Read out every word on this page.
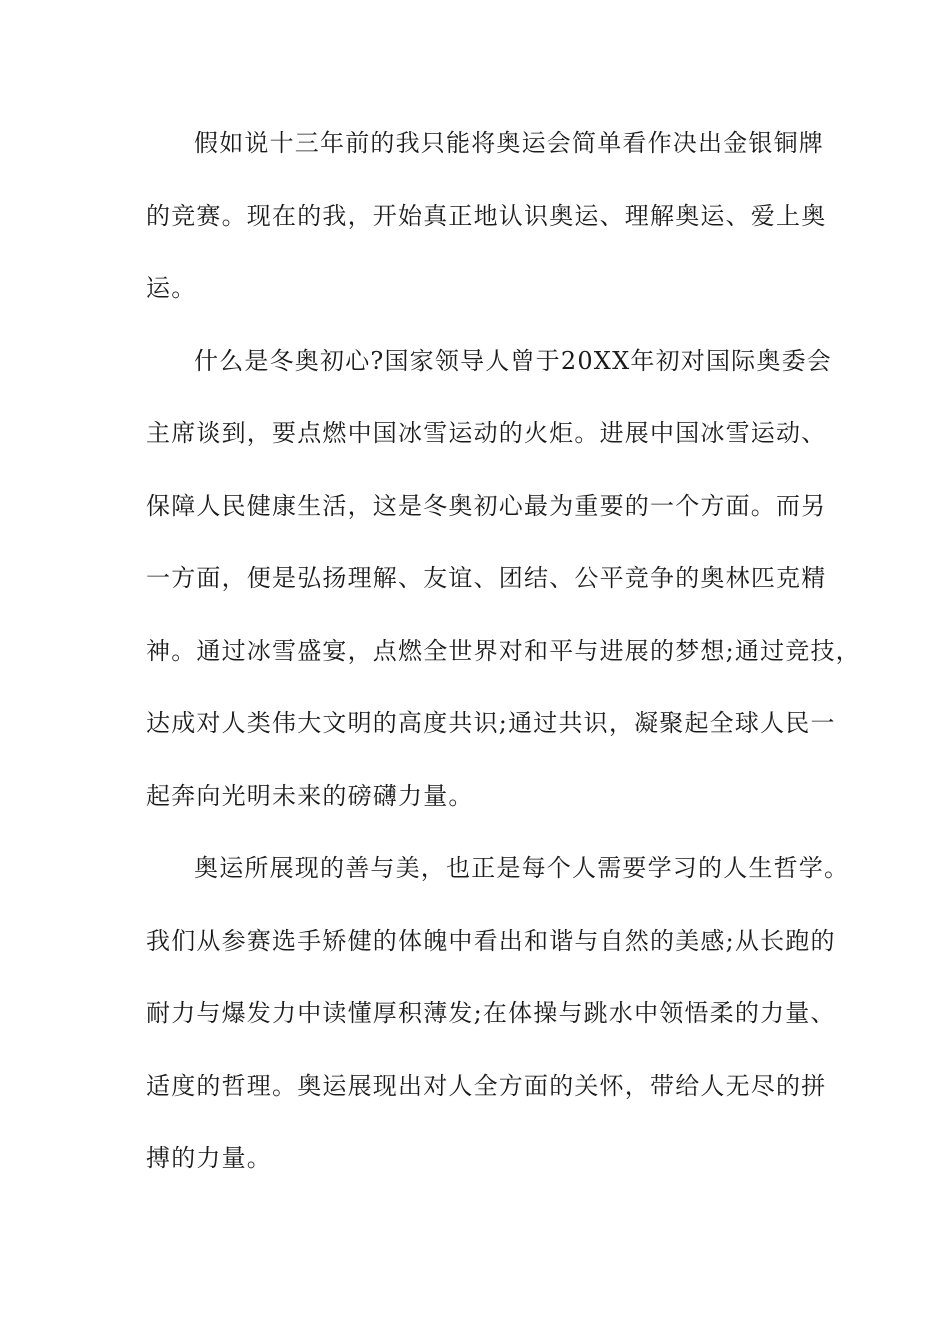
假如说十三年前的我只能将奥运会简单看作决出金银铜牌
的竞赛。现在的我，开始真正地认识奥运、理解奥运、爱上奥
运。

什么是冬奥初心?国家领导人曾于20XX年初对国际奥委会
主席谈到，要点燃中国冰雪运动的火炬。进展中国冰雪运动、
保障人民健康生活，这是冬奥初心最为重要的一个方面。而另
一方面，便是弘扬理解、友谊、团结、公平竞争的奥林匹克精
神。通过冰雪盛宴，点燃全世界对和平与进展的梦想;通过竞技，
达成对人类伟大文明的高度共识;通过共识，凝聚起全球人民一
起奔向光明未来的磅礴力量。

奥运所展现的善与美，也正是每个人需要学习的人生哲学。
我们从参赛选手矫健的体魄中看出和谐与自然的美感;从长跑的
耐力与爆发力中读懂厚积薄发;在体操与跳水中领悟柔的力量、
适度的哲理。奥运展现出对人全方面的关怀，带给人无尽的拼
搏的力量。
